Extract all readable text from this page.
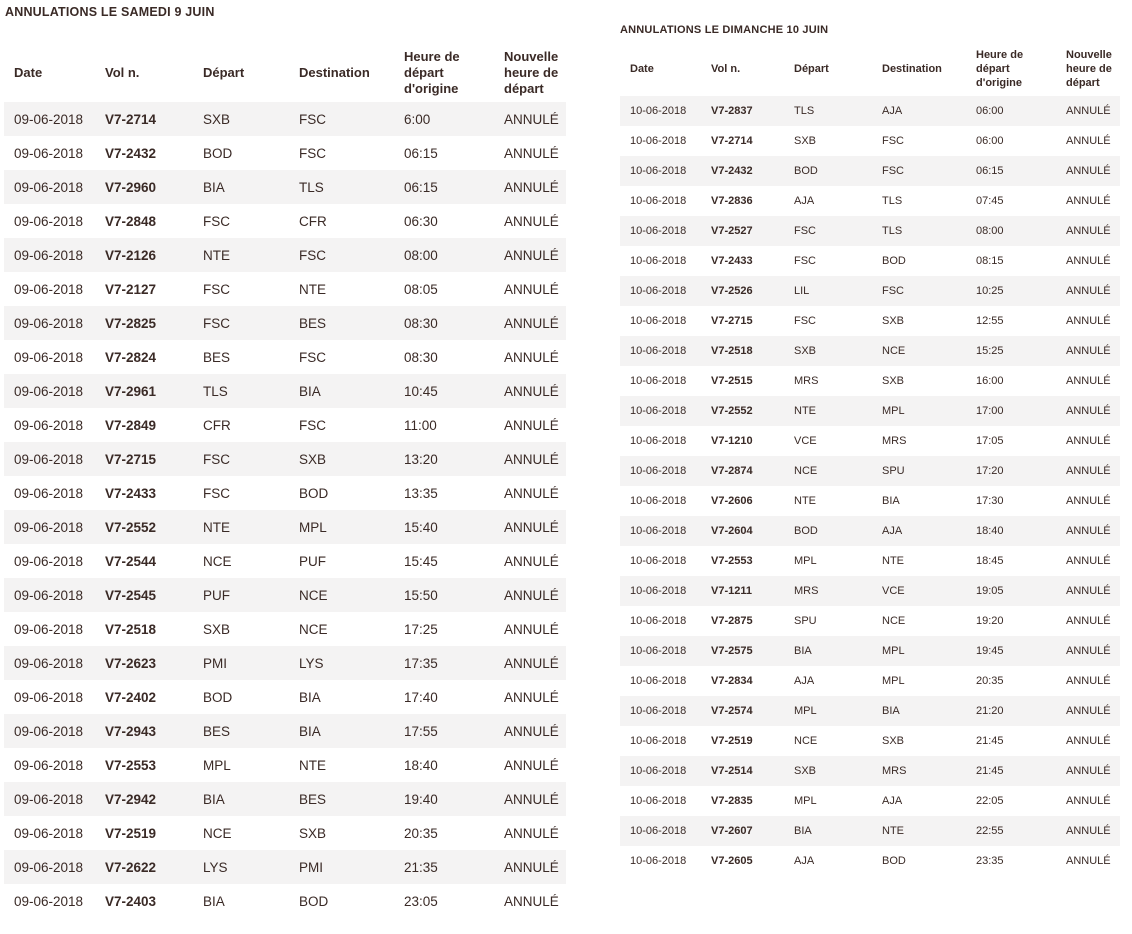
ANNULATIONS LE SAMEDI 9 JUIN
Date	Vol n.	Départ	Destination	Heure de départ d'origine	Nouvelle heure de départ
09-06-2018	V7-2714	SXB	FSC	6:00	ANNULÉ
09-06-2018	V7-2432	BOD	FSC	06:15	ANNULÉ
09-06-2018	V7-2960	BIA	TLS	06:15	ANNULÉ
09-06-2018	V7-2848	FSC	CFR	06:30	ANNULÉ
09-06-2018	V7-2126	NTE	FSC	08:00	ANNULÉ
09-06-2018	V7-2127	FSC	NTE	08:05	ANNULÉ
09-06-2018	V7-2825	FSC	BES	08:30	ANNULÉ
09-06-2018	V7-2824	BES	FSC	08:30	ANNULÉ
09-06-2018	V7-2961	TLS	BIA	10:45	ANNULÉ
09-06-2018	V7-2849	CFR	FSC	11:00	ANNULÉ
09-06-2018	V7-2715	FSC	SXB	13:20	ANNULÉ
09-06-2018	V7-2433	FSC	BOD	13:35	ANNULÉ
09-06-2018	V7-2552	NTE	MPL	15:40	ANNULÉ
09-06-2018	V7-2544	NCE	PUF	15:45	ANNULÉ
09-06-2018	V7-2545	PUF	NCE	15:50	ANNULÉ
09-06-2018	V7-2518	SXB	NCE	17:25	ANNULÉ
09-06-2018	V7-2623	PMI	LYS	17:35	ANNULÉ
09-06-2018	V7-2402	BOD	BIA	17:40	ANNULÉ
09-06-2018	V7-2943	BES	BIA	17:55	ANNULÉ
09-06-2018	V7-2553	MPL	NTE	18:40	ANNULÉ
09-06-2018	V7-2942	BIA	BES	19:40	ANNULÉ
09-06-2018	V7-2519	NCE	SXB	20:35	ANNULÉ
09-06-2018	V7-2622	LYS	PMI	21:35	ANNULÉ
09-06-2018	V7-2403	BIA	BOD	23:05	ANNULÉ
ANNULATIONS LE DIMANCHE 10 JUIN
Date	Vol n.	Départ	Destination	Heure de départ d'origine	Nouvelle heure de départ
10-06-2018	V7-2837	TLS	AJA	06:00	ANNULÉ
10-06-2018	V7-2714	SXB	FSC	06:00	ANNULÉ
10-06-2018	V7-2432	BOD	FSC	06:15	ANNULÉ
10-06-2018	V7-2836	AJA	TLS	07:45	ANNULÉ
10-06-2018	V7-2527	FSC	TLS	08:00	ANNULÉ
10-06-2018	V7-2433	FSC	BOD	08:15	ANNULÉ
10-06-2018	V7-2526	LIL	FSC	10:25	ANNULÉ
10-06-2018	V7-2715	FSC	SXB	12:55	ANNULÉ
10-06-2018	V7-2518	SXB	NCE	15:25	ANNULÉ
10-06-2018	V7-2515	MRS	SXB	16:00	ANNULÉ
10-06-2018	V7-2552	NTE	MPL	17:00	ANNULÉ
10-06-2018	V7-1210	VCE	MRS	17:05	ANNULÉ
10-06-2018	V7-2874	NCE	SPU	17:20	ANNULÉ
10-06-2018	V7-2606	NTE	BIA	17:30	ANNULÉ
10-06-2018	V7-2604	BOD	AJA	18:40	ANNULÉ
10-06-2018	V7-2553	MPL	NTE	18:45	ANNULÉ
10-06-2018	V7-1211	MRS	VCE	19:05	ANNULÉ
10-06-2018	V7-2875	SPU	NCE	19:20	ANNULÉ
10-06-2018	V7-2575	BIA	MPL	19:45	ANNULÉ
10-06-2018	V7-2834	AJA	MPL	20:35	ANNULÉ
10-06-2018	V7-2574	MPL	BIA	21:20	ANNULÉ
10-06-2018	V7-2519	NCE	SXB	21:45	ANNULÉ
10-06-2018	V7-2514	SXB	MRS	21:45	ANNULÉ
10-06-2018	V7-2835	MPL	AJA	22:05	ANNULÉ
10-06-2018	V7-2607	BIA	NTE	22:55	ANNULÉ
10-06-2018	V7-2605	AJA	BOD	23:35	ANNULÉ
